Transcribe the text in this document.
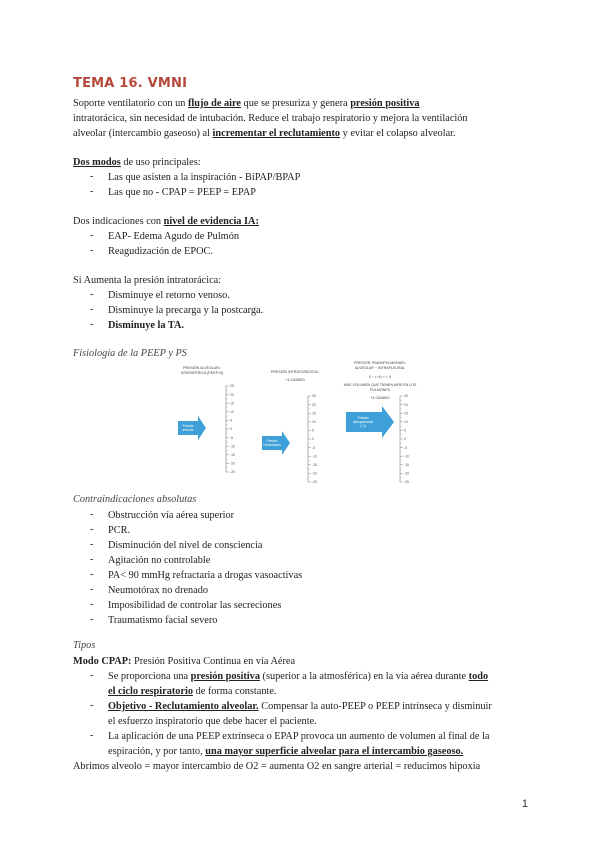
TEMA 16. VMNI
Soporte ventilatorio con un flujo de aire que se presuriza y genera presión positiva
intratorácica, sin necesidad de intubación. Reduce el trabajo respiratorio y mejora la ventilación
alveolar (intercambio gaseoso) al incrementar el reclutamiento y evitar el colapso alveolar.
Dos modos de uso principales:
- Las que asisten a la inspiración - BiPAP/BPAP
- Las que no - CPAP = PEEP = EPAP
Dos indicaciones con nivel de evidencia IA:
- EAP- Edema Agudo de Pulmón
- Reagudización de EPOC.
Si Aumenta la presión intratorácica:
- Disminuye el retorno venoso.
- Disminuye la precarga y la postcarga.
- Disminuye la TA.
Fisiología de la PEEP y PS
PRESIÓN ALVEOLAR=
ATMOSFÉRICA (PEEP=0)
25
20
15
10
5
0
-5
-10
-15
-20
-25
Presión
alveolar
PRESIÓN INTRATORÁCICA=
+4 CAMBIO
25
20
15
10
5
0
-5
-10
-15
-20
-25
Presión
intratorácica
PRESIÓN TRANSPULMONAR=
ALVEOLAR − INTRAPLEURAL
0 − (−4) = + 4
MÁS VOLUMEN QUE TIENEN AIRE EN LOS
PULMONES
+4 CAMBIO	25
20
15
10
5
0
-5
-10
-15
-20
-25
Presión
transpulmonar
(+4)
Contraindicaciones absolutas
- Obstrucción vía aérea superior
- PCR.
- Disminución del nivel de consciencia
- Agitación no controlable
- PA< 90 mmHg refractaria a drogas vasoactivas
- Neumotórax no drenado
- Imposibilidad de controlar las secreciones
- Traumatismo facial severo
Tipos
Modo CPAP: Presión Positiva Continua en vía Aérea
- Se proporciona una presión positiva (superior a la atmosférica) en la vía aérea durante todo
el ciclo respiratorio de forma constante.
- Objetivo - Reclutamiento alveolar. Compensar la auto-PEEP o PEEP intrínseca y disminuir
el esfuerzo inspiratorio que debe hacer el paciente.
- La aplicación de una PEEP extrínseca o EPAP provoca un aumento de volumen al final de la
espiración, y por tanto, una mayor superficie alveolar para el intercambio gaseoso.
Abrimos alveolo = mayor intercambio de O2 = aumenta O2 en sangre arterial = reducimos hipoxia
1
